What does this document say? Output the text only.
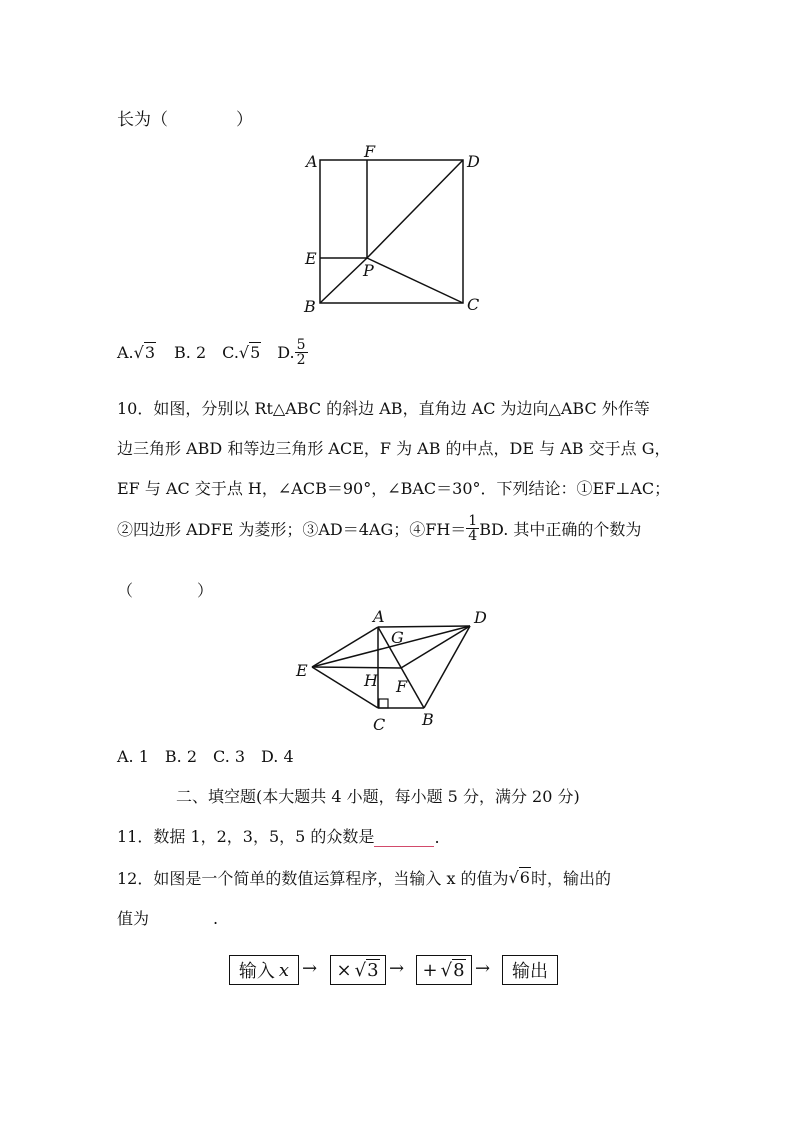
长为（　　　　）
A
F
D
E
P
B	C
A. √3 B. 2 C. √5 D. $\frac{5}{2}$
10．如图，分别以 Rt△ABC 的斜边 AB，直角边 AC 为边向△ABC 外作等
边三角形 ABD 和等边三角形 ACE，F 为 AB 的中点，DE 与 AB 交于点 G，
EF 与 AC 交于点 H，∠ACB＝90°，∠BAC＝30°．下列结论：①EF⊥AC；
②四边形 ADFE 为菱形；③AD＝4AG；④FH＝ $\frac{1}{4}$ BD. 其中正确的个数为
（　　　　）
A	D
G
E
H F
C B
A. 1　B. 2　C. 3　D. 4
二、填空题(本大题共 4 小题，每小题 5 分，满分 20 分)
11．数据 1，2，3，5，5 的众数是	.
12．如图是一个简单的数值运算程序，当输入 x 的值为 √6 时，输出的
值为　　　　.
输入 x → × √3 → + √8 → 输出
